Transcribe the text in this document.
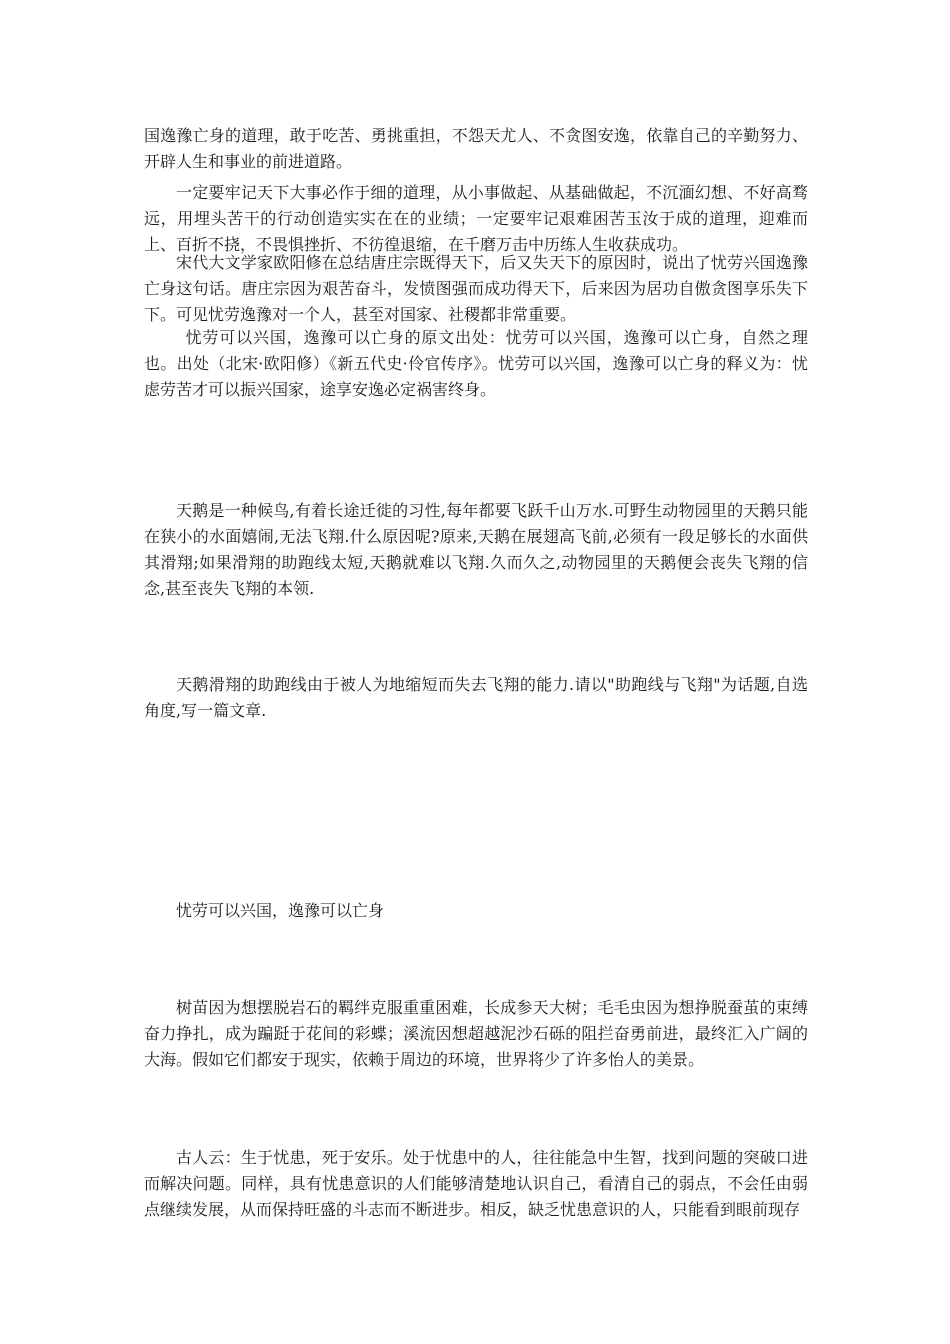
国逸豫亡身的道理，敢于吃苦、勇挑重担，不怨天尤人、不贪图安逸，依靠自己的辛勤努力、开辟人生和事业的前进道路。

一定要牢记天下大事必作于细的道理，从小事做起、从基础做起，不沉湎幻想、不好高骛远，用埋头苦干的行动创造实实在在的业绩；一定要牢记艰难困苦玉汝于成的道理，迎难而上、百折不挠，不畏惧挫折、不彷徨退缩，在千磨万击中历练人生收获成功。

宋代大文学家欧阳修在总结唐庄宗既得天下，后又失天下的原因时，说出了忧劳兴国逸豫亡身这句话。唐庄宗因为艰苦奋斗，发愤图强而成功得天下，后来因为居功自傲贪图享乐失下下。可见忧劳逸豫对一个人，甚至对国家、社稷都非常重要。

忧劳可以兴国，逸豫可以亡身的原文出处：忧劳可以兴国，逸豫可以亡身，自然之理也。出处（北宋·欧阳修）《新五代史·伶官传序》。忧劳可以兴国，逸豫可以亡身的释义为：忧虑劳苦才可以振兴国家，途享安逸必定祸害终身。

天鹅是一种候鸟,有着长途迁徙的习性,每年都要飞跃千山万水.可野生动物园里的天鹅只能在狭小的水面嬉闹,无法飞翔.什么原因呢?原来,天鹅在展翅高飞前,必须有一段足够长的水面供其滑翔;如果滑翔的助跑线太短,天鹅就难以飞翔.久而久之,动物园里的天鹅便会丧失飞翔的信念,甚至丧失飞翔的本领.

天鹅滑翔的助跑线由于被人为地缩短而失去飞翔的能力.请以"助跑线与飞翔"为话题,自选角度,写一篇文章.

忧劳可以兴国，逸豫可以亡身

树苗因为想摆脱岩石的羁绊克服重重困难，长成参天大树；毛毛虫因为想挣脱蚕茧的束缚奋力挣扎，成为蹁跹于花间的彩蝶；溪流因想超越泥沙石砾的阻拦奋勇前进，最终汇入广阔的大海。假如它们都安于现实，依赖于周边的环境，世界将少了许多怡人的美景。

古人云：生于忧患，死于安乐。处于忧患中的人，往往能急中生智，找到问题的突破口进而解决问题。同样，具有忧患意识的人们能够清楚地认识自己，看清自己的弱点，不会任由弱点继续发展，从而保持旺盛的斗志而不断进步。相反，缺乏忧患意识的人，只能看到眼前现存
